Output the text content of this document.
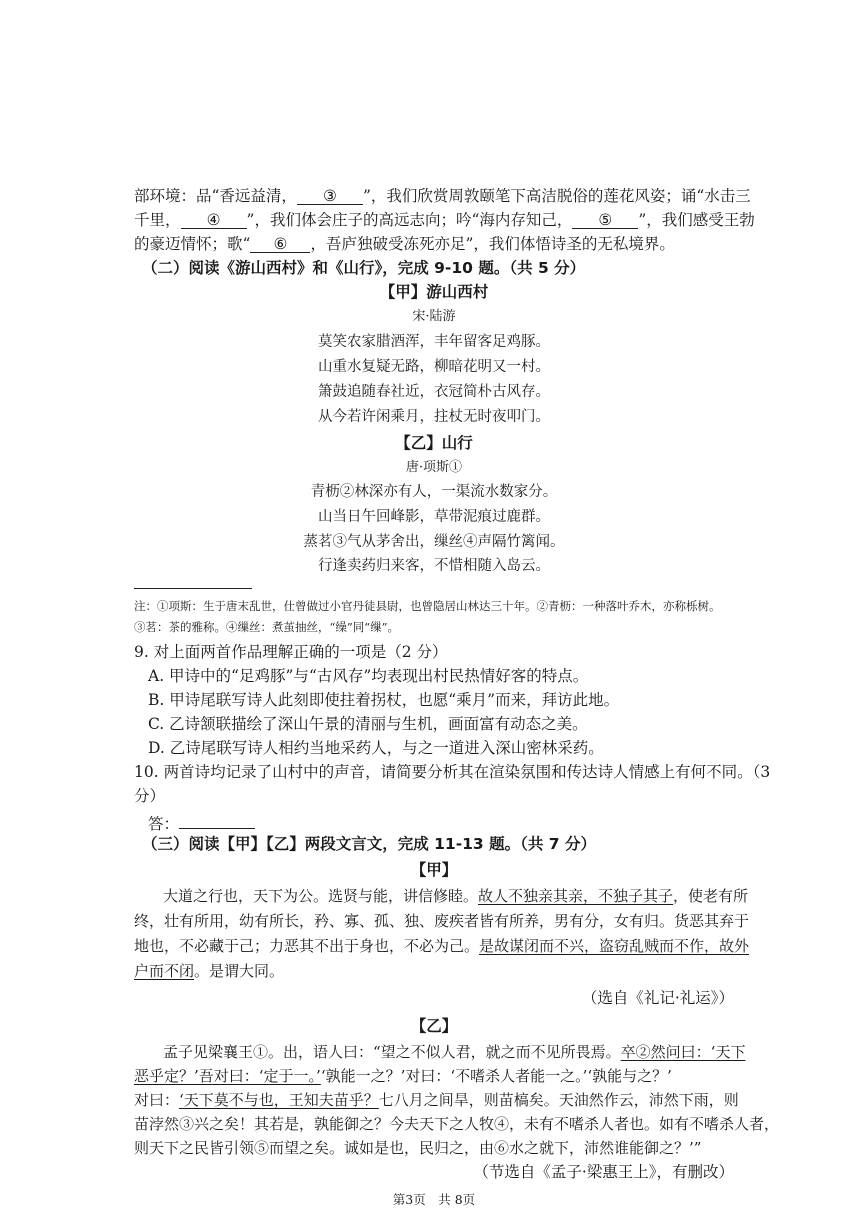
部环境：品“香远益清， ③ ”，我们欣赏周敦颐笔下高洁脱俗的莲花风姿；诵“水击三
千里， ④ ”，我们体会庄子的高远志向；吟“海内存知己， ⑤ ”，我们感受王勃
的豪迈情怀；歌“ ⑥ ，吾庐独破受冻死亦足”，我们体悟诗圣的无私境界。
（二）阅读《游山西村》和《山行》，完成 9-10 题。（共 5 分）
【甲】游山西村
宋·陆游
莫笑农家腊酒浑，丰年留客足鸡豚。
山重水复疑无路，柳暗花明又一村。
箫鼓追随春社近，衣冠简朴古风存。
从今若许闲乘月，拄杖无时夜叩门。
【乙】山行
唐·项斯①
青枥②林深亦有人，一渠流水数家分。
山当日午回峰影，草带泥痕过鹿群。
蒸茗③气从茅舍出，缫丝④声隔竹篱闻。
行逢卖药归来客，不惜相随入岛云。
注：①项斯：生于唐末乱世，仕曾做过小官丹徒县尉，也曾隐居山林达三十年。②青枥：一种落叶乔木，亦称栎树。
③茗：茶的雅称。④缫丝：煮茧抽丝，“缲”同“缫”。
9. 对上面两首作品理解正确的一项是（2 分）
A. 甲诗中的“足鸡豚”与“古风存”均表现出村民热情好客的特点。
B. 甲诗尾联写诗人此刻即使拄着拐杖，也愿“乘月”而来，拜访此地。
C. 乙诗颔联描绘了深山午景的清丽与生机，画面富有动态之美。
D. 乙诗尾联写诗人相约当地采药人，与之一道进入深山密林采药。
10. 两首诗均记录了山村中的声音，请简要分析其在渲染氛围和传达诗人情感上有何不同。（3
分）
答：
（三）阅读【甲】【乙】两段文言文，完成 11-13 题。（共 7 分）
【甲】
大道之行也，天下为公。选贤与能，讲信修睦。故人不独亲其亲，不独子其子，使老有所
终，壮有所用，幼有所长，矜、寡、孤、独、废疾者皆有所养，男有分，女有归。货恶其弃于
地也，不必藏于己；力恶其不出于身也，不必为己。是故谋闭而不兴，盗窃乱贼而不作，故外
户而不闭。是谓大同。
（选自《礼记·礼运》）
【乙】
孟子见梁襄王①。出，语人曰：“望之不似人君，就之而不见所畏焉。卒②然问曰：‘天下
恶乎定？’吾对曰：‘定于一。’‘孰能一之？’对曰：‘不嗜杀人者能一之。’‘孰能与之？’
对曰：‘天下莫不与也，王知夫苗乎？七八月之间旱，则苗槁矣。天油然作云，沛然下雨，则
苗浡然③兴之矣！其若是，孰能御之？今夫天下之人牧④，未有不嗜杀人者也。如有不嗜杀人者，
则天下之民皆引领⑤而望之矣。诚如是也，民归之，由⑥水之就下，沛然谁能御之？’”
（节选自《孟子·梁惠王上》，有删改）
第3页　共 8页
